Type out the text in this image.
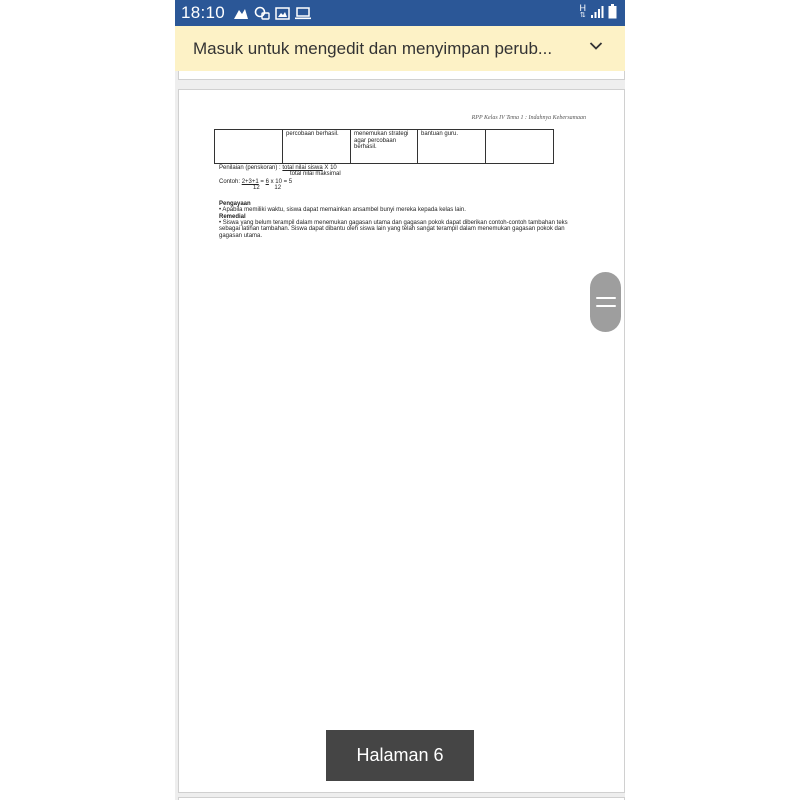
18:10	H
⇅
Masuk untuk mengedit dan menyimpan perub...
RPP Kelas IV Tema 1 : Indahnya Kebersamaan
	percobaan berhasil.	menemukan strategi agar percobaan berhasil.	bantuan guru.	
Penilaian (penskoran) : total nilai siswa X 10
total nilai maksimal
Contoh: 2+3+1 = 6 x 10 = 5
12 12
Pengayaan
• Apabila memiliki waktu, siswa dapat memainkan ansambel bunyi mereka kepada kelas lain.
Remedial
• Siswa yang belum terampil dalam menemukan gagasan utama dan gagasan pokok dapat diberikan contoh-contoh tambahan teks sebagai latihan tambahan. Siswa dapat dibantu oleh siswa lain yang telah sangat terampil dalam menemukan gagasan pokok dan gagasan utama.
Halaman 6
